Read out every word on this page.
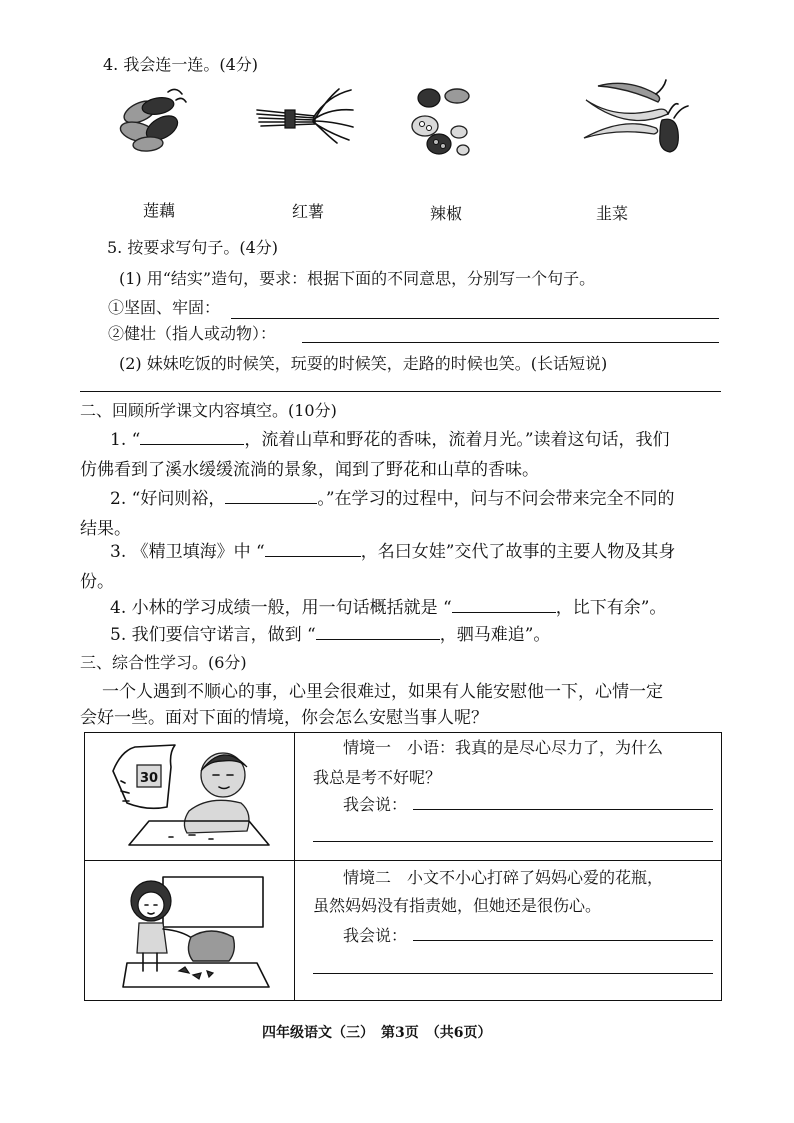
4. 我会连一连。(4分)
莲藕	红薯	辣椒	韭菜
5. 按要求写句子。(4分)
(1) 用“结实”造句，要求：根据下面的不同意思，分别写一个句子。
①坚固、牢固：
②健壮（指人或动物）：
(2) 妹妹吃饭的时候笑，玩耍的时候笑，走路的时候也笑。(长话短说)
二、回顾所学课文内容填空。(10分)
1. “	，流着山草和野花的香味，流着月光。”读着这句话，我们
仿佛看到了溪水缓缓流淌的景象，闻到了野花和山草的香味。
2. “好问则裕，	。”在学习的过程中，问与不问会带来完全不同的
结果。
3. 《精卫填海》中 “	，名曰女娃”交代了故事的主要人物及其身
份。
4. 小林的学习成绩一般，用一句话概括就是 “	，比下有余”。
5. 我们要信守诺言，做到 “	，驷马难追”。
三、综合性学习。(6分)
一个人遇到不顺心的事，心里会很难过，如果有人能安慰他一下，心情一定
会好一些。面对下面的情境，你会怎么安慰当事人呢？
30	情境一　小语：我真的是尽心尽力了，为什么
我总是考不好呢？
我会说：

情境二　小文不小心打碎了妈妈心爱的花瓶，
虽然妈妈没有指责她，但她还是很伤心。
我会说：
四年级语文（三）　第3页　（共6页）
